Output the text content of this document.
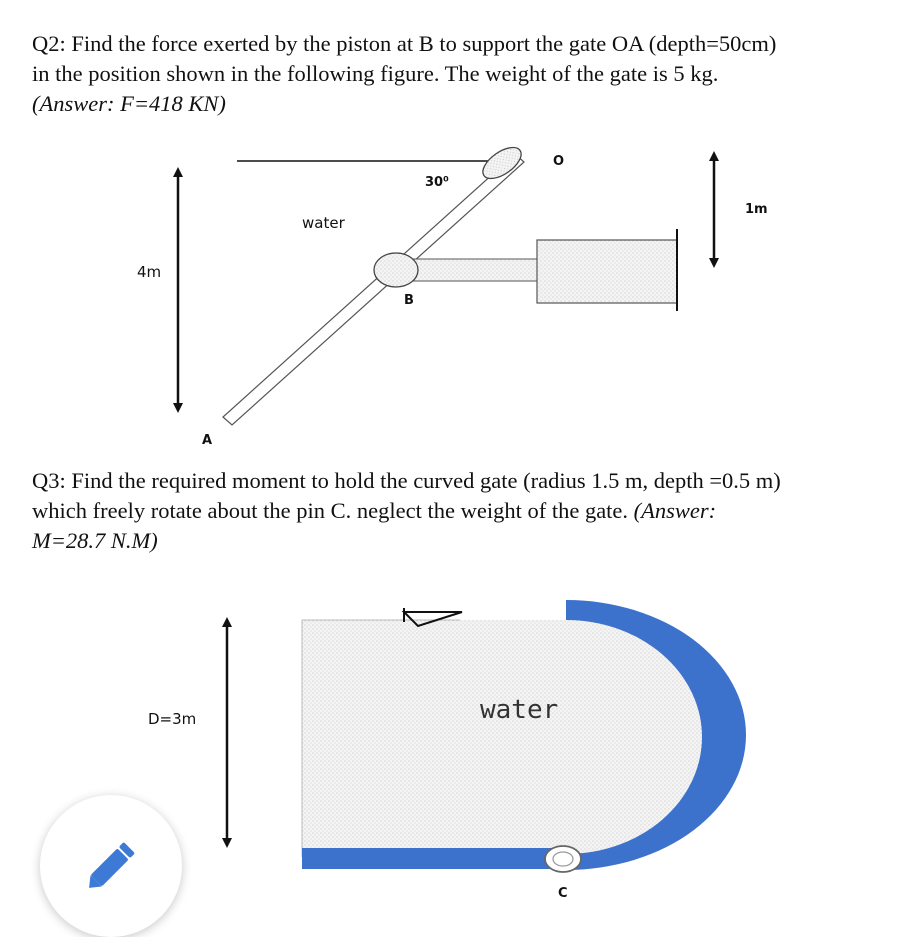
Q2: Find the force exerted by the piston at B to support the gate OA (depth=50cm)

in the position shown in the following figure. The weight of the gate is 5 kg.

(Answer: F=418 KN)

Q3: Find the required moment to hold the curved gate (radius 1.5 m, depth =0.5 m)

which freely rotate about the pin C. neglect the weight of the gate. (Answer:

M=28.7 N.M)

30⁰
O
1m
water
4m
B
A
D=3m	water
C
